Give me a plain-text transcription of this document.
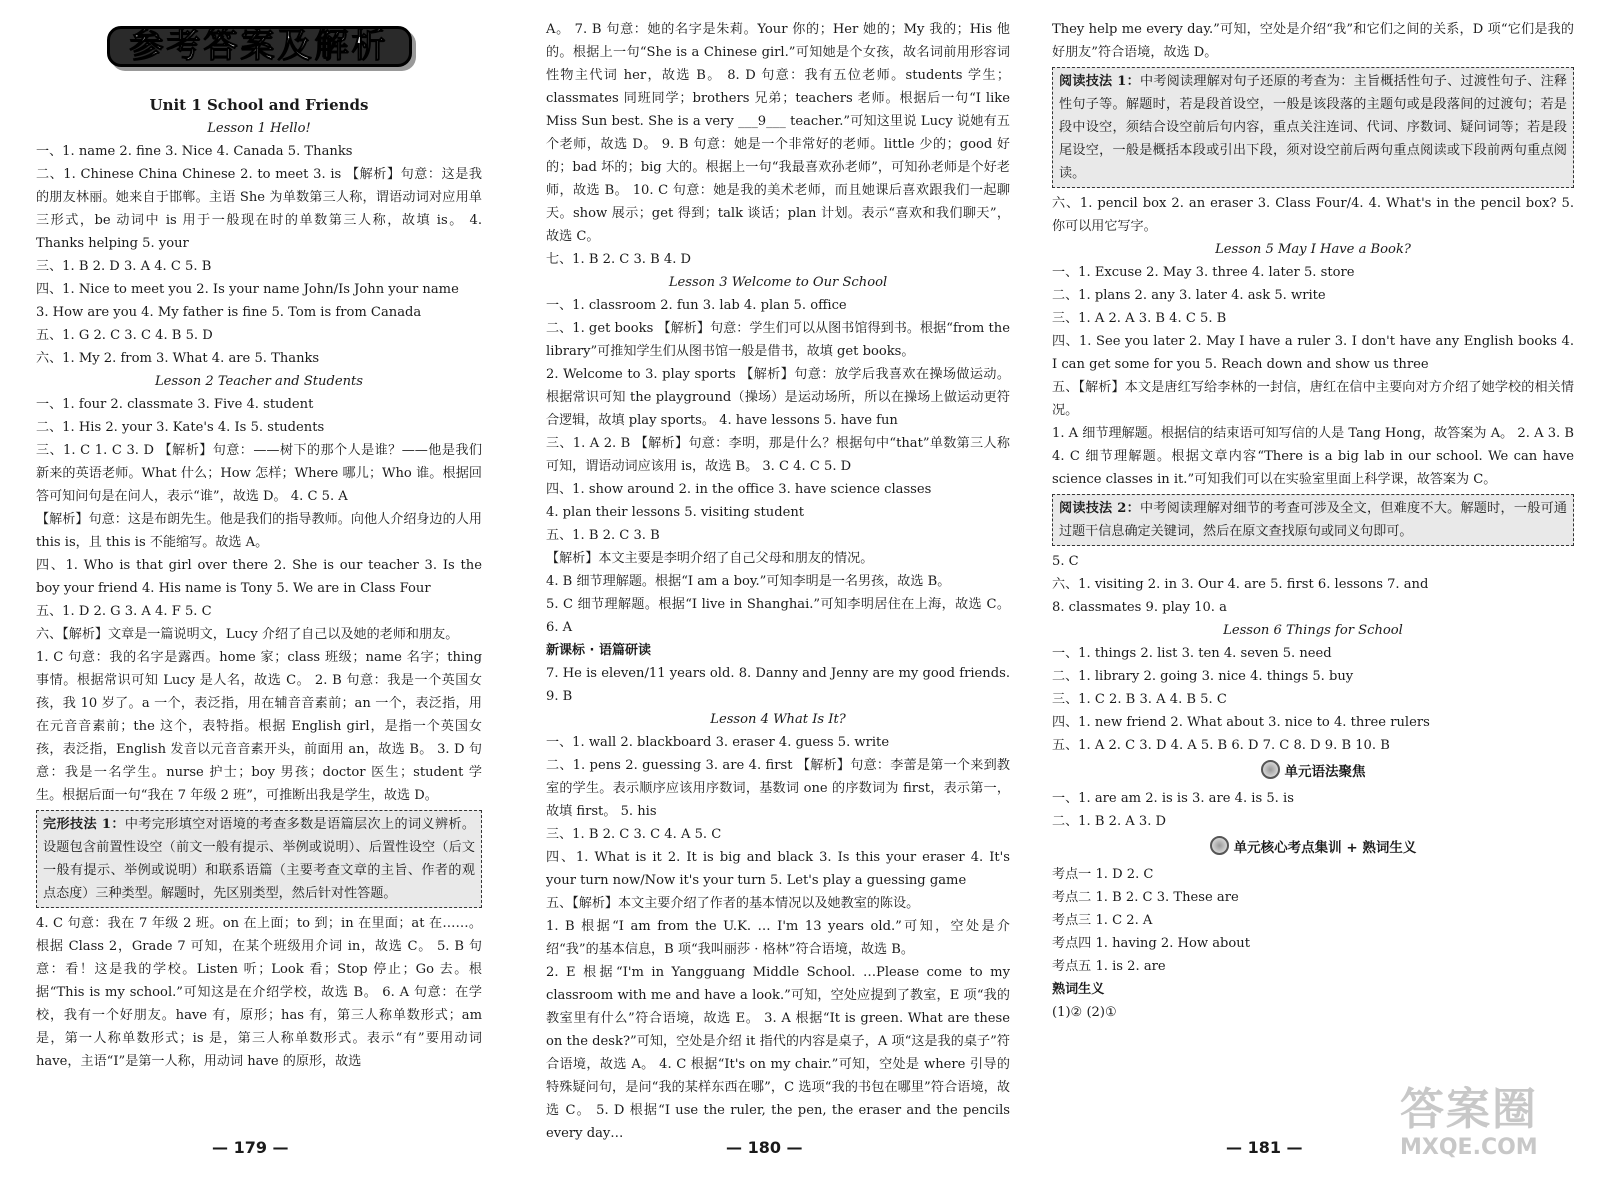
参考答案及解析

Unit 1 School and Friends

Lesson 1 Hello!

一、1. name 2. fine 3. Nice 4. Canada 5. Thanks

二、1. Chinese China Chinese 2. to meet 3. is 【解析】句意：这是我的朋友林丽。她来自于邯郸。主语 She 为单数第三人称，谓语动词对应用单三形式，be 动词中 is 用于一般现在时的单数第三人称，故填 is。 4. Thanks helping 5. your

三、1. B 2. D 3. A 4. C 5. B

四、1. Nice to meet you 2. Is your name John/Is John your name

3. How are you 4. My father is fine 5. Tom is from Canada

五、1. G 2. C 3. C 4. B 5. D

六、1. My 2. from 3. What 4. are 5. Thanks

Lesson 2 Teacher and Students

一、1. four 2. classmate 3. Five 4. student

二、1. His 2. your 3. Kate's 4. Is 5. students

三、1. C 1. C 3. D 【解析】句意：——树下的那个人是谁？——他是我们新来的英语老师。What 什么；How 怎样；Where 哪儿；Who 谁。根据回答可知问句是在问人，表示“谁”，故选 D。 4. C 5. A

【解析】句意：这是布朗先生。他是我们的指导教师。向他人介绍身边的人用 this is，且 this is 不能缩写。故选 A。

四、1. Who is that girl over there 2. She is our teacher 3. Is the boy your friend 4. His name is Tony 5. We are in Class Four

五、1. D 2. G 3. A 4. F 5. C

六、【解析】文章是一篇说明文，Lucy 介绍了自己以及她的老师和朋友。

1. C 句意：我的名字是露西。home 家；class 班级；name 名字；thing 事情。根据常识可知 Lucy 是人名，故选 C。 2. B 句意：我是一个英国女孩，我 10 岁了。a 一个，表泛指，用在辅音音素前；an 一个，表泛指，用在元音音素前；the 这个，表特指。根据 English girl，是指一个英国女孩，表泛指，English 发音以元音音素开头，前面用 an，故选 B。 3. D 句意：我是一名学生。nurse 护士；boy 男孩；doctor 医生；student 学生。根据后面一句“我在 7 年级 2 班”，可推断出我是学生，故选 D。

完形技法 1：中考完形填空对语境的考查多数是语篇层次上的词义辨析。设题包含前置性设空（前文一般有提示、举例或说明）、后置性设空（后文一般有提示、举例或说明）和联系语篇（主要考查文章的主旨、作者的观点态度）三种类型。解题时，先区别类型，然后针对性答题。

4. C 句意：我在 7 年级 2 班。on 在上面；to 到；in 在里面；at 在……。根据 Class 2，Grade 7 可知，在某个班级用介词 in，故选 C。 5. B 句意：看！这是我的学校。Listen 听；Look 看；Stop 停止；Go 去。根据“This is my school.”可知这是在介绍学校，故选 B。 6. A 句意：在学校，我有一个好朋友。have 有，原形；has 有，第三人称单数形式；am 是，第一人称单数形式；is 是，第三人称单数形式。表示“有”要用动词 have，主语“I”是第一人称，用动词 have 的原形，故选

A。 7. B 句意：她的名字是朱莉。Your 你的；Her 她的；My 我的；His 他的。根据上一句“She is a Chinese girl.”可知她是个女孩，故名词前用形容词性物主代词 her，故选 B。 8. D 句意：我有五位老师。students 学生；classmates 同班同学；brothers 兄弟；teachers 老师。根据后一句“I like Miss Sun best. She is a very ___9___ teacher.”可知这里说 Lucy 说她有五个老师，故选 D。 9. B 句意：她是一个非常好的老师。little 少的；good 好的；bad 坏的；big 大的。根据上一句“我最喜欢孙老师”，可知孙老师是个好老师，故选 B。 10. C 句意：她是我的美术老师，而且她课后喜欢跟我们一起聊天。show 展示；get 得到；talk 谈话；plan 计划。表示“喜欢和我们聊天”，故选 C。

七、1. B 2. C 3. B 4. D

Lesson 3 Welcome to Our School

一、1. classroom 2. fun 3. lab 4. plan 5. office

二、1. get books 【解析】句意：学生们可以从图书馆得到书。根据“from the library”可推知学生们从图书馆一般是借书，故填 get books。

2. Welcome to 3. play sports 【解析】句意：放学后我喜欢在操场做运动。根据常识可知 the playground（操场）是运动场所，所以在操场上做运动更符合逻辑，故填 play sports。 4. have lessons 5. have fun

三、1. A 2. B 【解析】句意：李明，那是什么？根据句中“that”单数第三人称可知，谓语动词应该用 is，故选 B。 3. C 4. C 5. D

四、1. show around 2. in the office 3. have science classes

4. plan their lessons 5. visiting student

五、1. B 2. C 3. B

【解析】本文主要是李明介绍了自己父母和朋友的情况。

4. B 细节理解题。根据“I am a boy.”可知李明是一名男孩，故选 B。

5. C 细节理解题。根据“I live in Shanghai.”可知李明居住在上海，故选 C。 6. A

新课标 · 语篇研读

7. He is eleven/11 years old. 8. Danny and Jenny are my good friends. 9. B

Lesson 4 What Is It?

一、1. wall 2. blackboard 3. eraser 4. guess 5. write

二、1. pens 2. guessing 3. are 4. first 【解析】句意：李蕾是第一个来到教室的学生。表示顺序应该用序数词，基数词 one 的序数词为 first，表示第一，故填 first。 5. his

三、1. B 2. C 3. C 4. A 5. C

四、1. What is it 2. It is big and black 3. Is this your eraser 4. It's your turn now/Now it's your turn 5. Let's play a guessing game

五、【解析】本文主要介绍了作者的基本情况以及她教室的陈设。

1. B 根据“I am from the U.K. … I'm 13 years old.”可知，空处是介绍“我”的基本信息，B 项“我叫丽莎 · 格林”符合语境，故选 B。

2. E 根据“I'm in Yangguang Middle School. …Please come to my classroom with me and have a look.”可知，空处应提到了教室，E 项“我的教室里有什么”符合语境，故选 E。 3. A 根据“It is green. What are these on the desk?”可知，空处是介绍 it 指代的内容是桌子，A 项“这是我的桌子”符合语境，故选 A。 4. C 根据“It's on my chair.”可知，空处是 where 引导的特殊疑问句，是问“我的某样东西在哪”，C 选项“我的书包在哪里”符合语境，故选 C。 5. D 根据“I use the ruler, the pen, the eraser and the pencils every day…

They help me every day.”可知，空处是介绍“我”和它们之间的关系，D 项“它们是我的好朋友”符合语境，故选 D。

阅读技法 1：中考阅读理解对句子还原的考查为：主旨概括性句子、过渡性句子、注释性句子等。解题时，若是段首设空，一般是该段落的主题句或是段落间的过渡句；若是段中设空，须结合设空前后句内容，重点关注连词、代词、序数词、疑问词等；若是段尾设空，一般是概括本段或引出下段，须对设空前后两句重点阅读或下段前两句重点阅读。

六、1. pencil box 2. an eraser 3. Class Four/4. 4. What's in the pencil box? 5. 你可以用它写字。

Lesson 5 May I Have a Book?

一、1. Excuse 2. May 3. three 4. later 5. store

二、1. plans 2. any 3. later 4. ask 5. write

三、1. A 2. A 3. B 4. C 5. B

四、1. See you later 2. May I have a ruler 3. I don't have any English books 4. I can get some for you 5. Reach down and show us three

五、【解析】本文是唐红写给李林的一封信，唐红在信中主要向对方介绍了她学校的相关情况。

1. A 细节理解题。根据信的结束语可知写信的人是 Tang Hong，故答案为 A。 2. A 3. B 4. C 细节理解题。根据文章内容“There is a big lab in our school. We can have science classes in it.”可知我们可以在实验室里面上科学课，故答案为 C。

阅读技法 2：中考阅读理解对细节的考查可涉及全文，但难度不大。解题时，一般可通过题干信息确定关键词，然后在原文查找原句或同义句即可。

5. C

六、1. visiting 2. in 3. Our 4. are 5. first 6. lessons 7. and

8. classmates 9. play 10. a

Lesson 6 Things for School

一、1. things 2. list 3. ten 4. seven 5. need

二、1. library 2. going 3. nice 4. things 5. buy

三、1. C 2. B 3. A 4. B 5. C

四、1. new friend 2. What about 3. nice to 4. three rulers

五、1. A 2. C 3. D 4. A 5. B 6. D 7. C 8. D 9. B 10. B

单元语法聚焦

一、1. are am 2. is is 3. are 4. is 5. is

二、1. B 2. A 3. D

单元核心考点集训 + 熟词生义

考点一 1. D 2. C

考点二 1. B 2. C 3. These are

考点三 1. C 2. A

考点四 1. having 2. How about

考点五 1. is 2. are

熟词生义

(1)② (2)①

— 179 —	— 180 —	— 181 —
答案圈
MXQE.COM
